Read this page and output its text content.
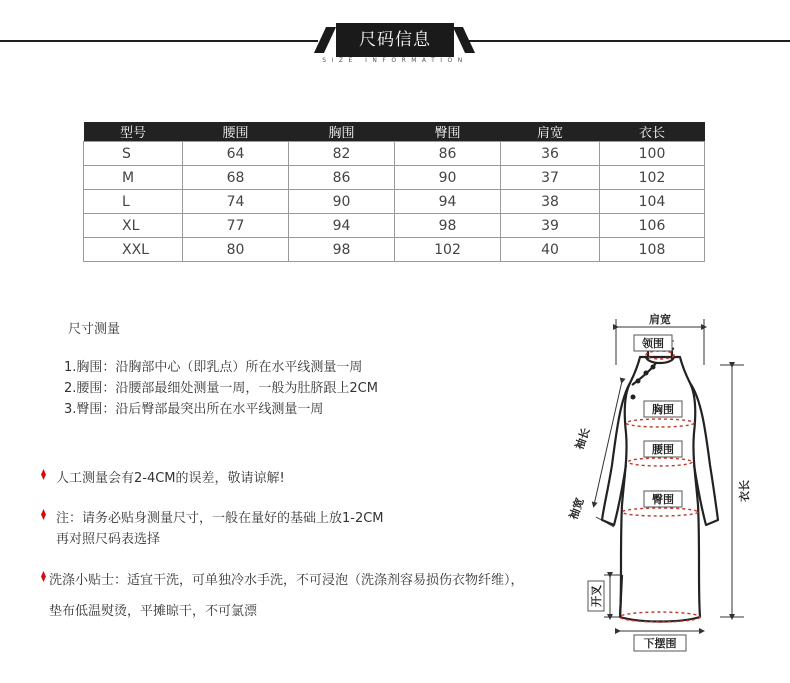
尺码信息
SIZE INFORMATION
型号	腰围	胸围	臀围	肩宽	衣长
S	64	82	86	36	100
M	68	86	90	37	102
L	74	90	94	38	104
XL	77	94	98	39	106
XXL	80	98	102	40	108
尺寸测量
1.胸围：沿胸部中心（即乳点）所在水平线测量一周
2.腰围：沿腰部最细处测量一周，一般为肚脐跟上2CM
3.臀围：沿后臀部最突出所在水平线测量一周
人工测量会有2-4CM的误差，敬请谅解!
注：请务必贴身测量尺寸，一般在量好的基础上放1-2CM
再对照尺码表选择
洗涤小贴士：适宜干洗，可单独冷水手洗，不可浸泡（洗涤剂容易损伤衣物纤维），
垫布低温熨烫，平摊晾干，不可氯漂
肩宽
领围
胸围
腰围
臀围
下摆围
袖长
袖宽
衣长
开叉
